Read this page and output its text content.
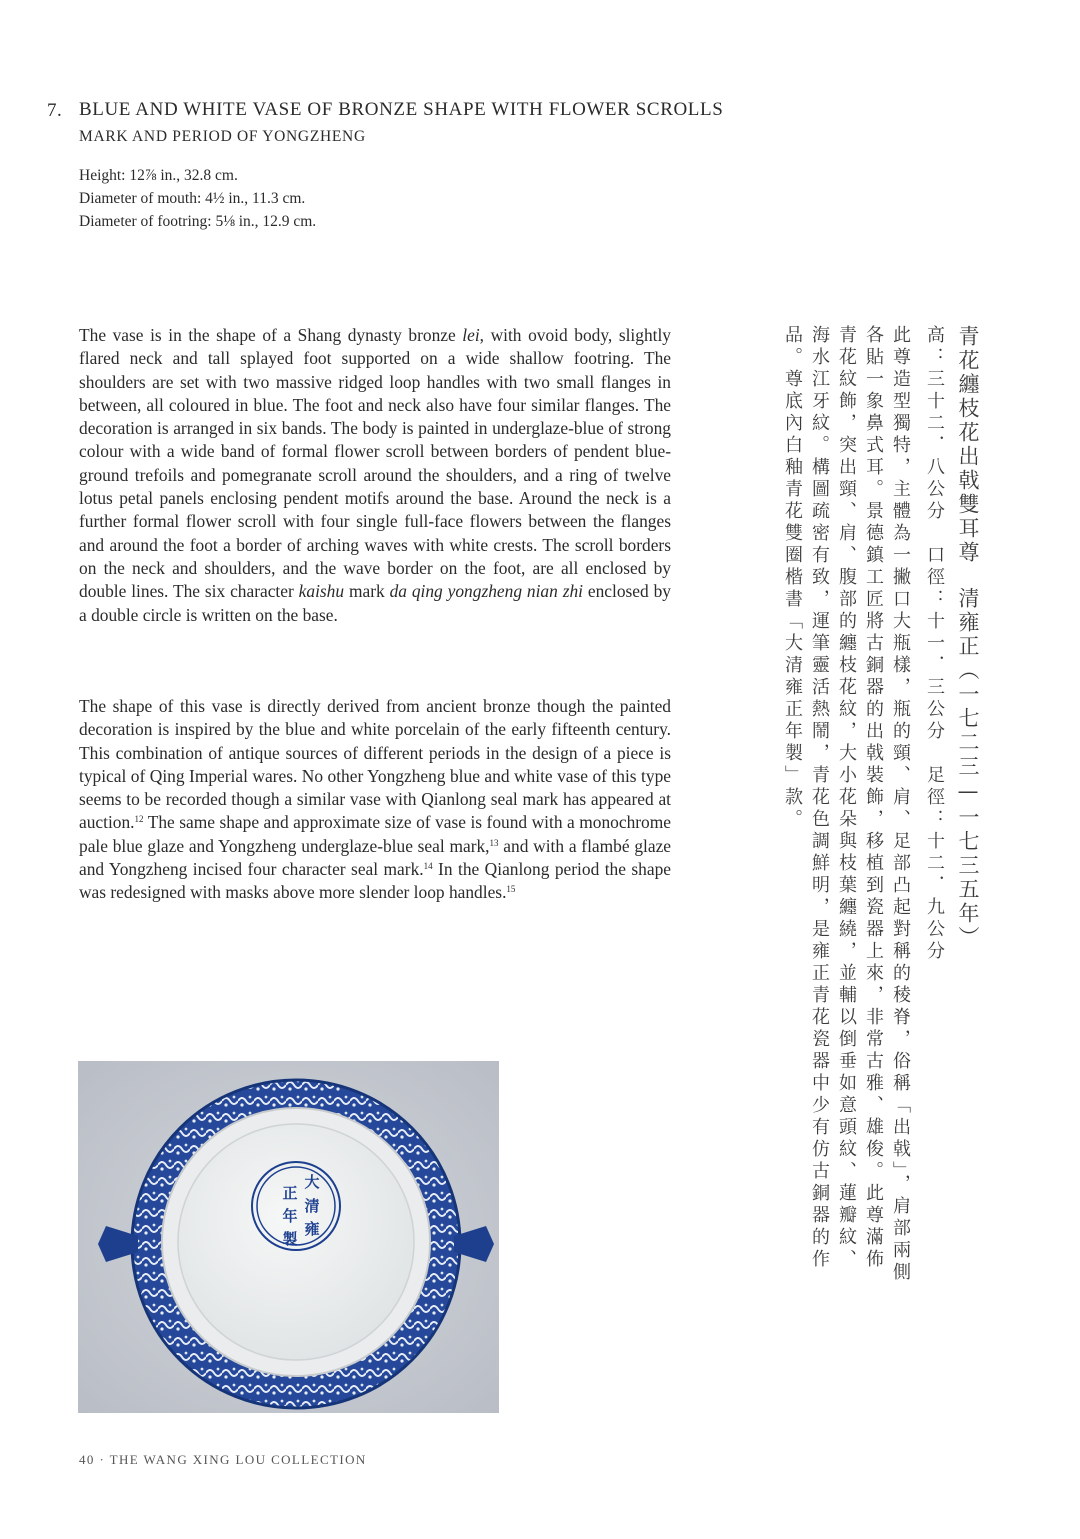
7. BLUE AND WHITE VASE OF BRONZE SHAPE WITH FLOWER SCROLLS
MARK AND PERIOD OF YONGZHENG
Height: 12⅞ in., 32.8 cm.
Diameter of mouth: 4½ in., 11.3 cm.
Diameter of footring: 5⅛ in., 12.9 cm.
The vase is in the shape of a Shang dynasty bronze lei, with ovoid body, slightly flared neck and tall splayed foot supported on a wide shallow footring. The shoulders are set with two massive ridged loop handles with two small flanges in between, all coloured in blue. The foot and neck also have four similar flanges. The decoration is arranged in six bands. The body is painted in underglaze-blue of strong colour with a wide band of formal flower scroll between borders of pendent blue-ground trefoils and pomegranate scroll around the shoulders, and a ring of twelve lotus petal panels enclosing pendent motifs around the base. Around the neck is a further formal flower scroll with four single full-face flowers between the flanges and around the foot a border of arching waves with white crests. The scroll borders on the neck and shoulders, and the wave border on the foot, are all enclosed by double lines. The six character kaishu mark da qing yongzheng nian zhi enclosed by a double circle is written on the base.
The shape of this vase is directly derived from ancient bronze though the painted decoration is inspired by the blue and white porcelain of the early fifteenth century. This combination of antique sources of different periods in the design of a piece is typical of Qing Imperial wares. No other Yongzheng blue and white vase of this type seems to be recorded though a similar vase with Qianlong seal mark has appeared at auction.$^{12}$ The same shape and approximate size of vase is found with a monochrome pale blue glaze and Yongzheng underglaze-blue seal mark,$^{13}$ and with a flambé glaze and Yongzheng incised four character seal mark.$^{14}$ In the Qianlong period the shape was redesigned with masks above more slender loop handles.$^{15}$
大
清
雍
正
年
製
40 · THE WANG XING LOU COLLECTION
青花纏枝花出戟雙耳尊清雍正（一七二三—一七三五年）
高：三十二．八公分口徑：十一．三公分足徑：十二．九公分
此尊造型獨特，主體為一撇口大瓶樣，瓶的頸、肩、足部凸起對稱的稜脊，俗稱「出戟」，肩部兩側
各貼一象鼻式耳。景德鎮工匠將古銅器的出戟裝飾，移植到瓷器上來，非常古雅、雄俊。此尊滿佈
青花紋飾，突出頸、肩、腹部的纏枝花紋，大小花朵與枝葉纏繞，並輔以倒垂如意頭紋、蓮瓣紋、
海水江牙紋。構圖疏密有致，運筆靈活熱鬧，青花色調鮮明，是雍正青花瓷器中少有仿古銅器的作
品。尊底內白釉青花雙圈楷書「大清雍正年製」款。
